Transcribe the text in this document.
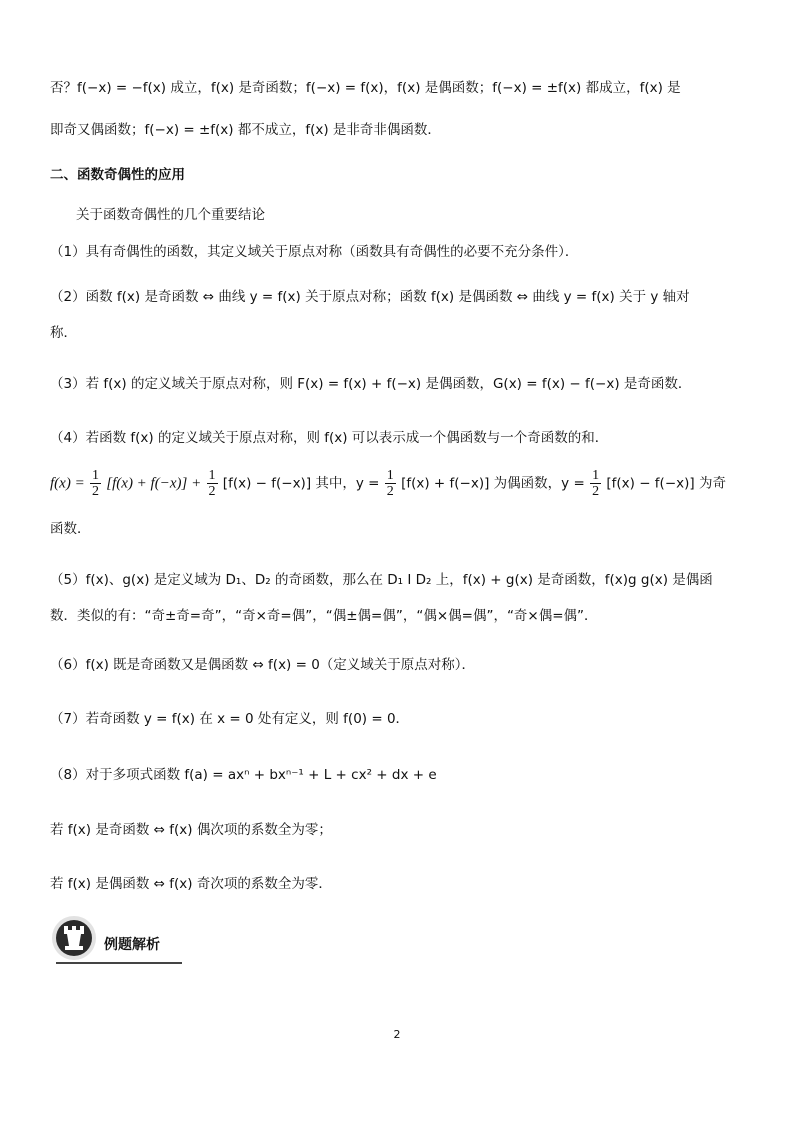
否？f(−x) = −f(x) 成立，f(x) 是奇函数；f(−x) = f(x)，f(x) 是偶函数；f(−x) = ±f(x) 都成立，f(x) 是
即奇又偶函数；f(−x) = ±f(x) 都不成立，f(x) 是非奇非偶函数．
二、函数奇偶性的应用
关于函数奇偶性的几个重要结论
（1）具有奇偶性的函数，其定义域关于原点对称（函数具有奇偶性的必要不充分条件）．
（2）函数 f(x) 是奇函数 ⇔ 曲线 y = f(x) 关于原点对称；函数 f(x) 是偶函数 ⇔ 曲线 y = f(x) 关于 y 轴对
称．
（3）若 f(x) 的定义域关于原点对称，则 F(x) = f(x) + f(−x) 是偶函数，G(x) = f(x) − f(−x) 是奇函数．
（4）若函数 f(x) 的定义域关于原点对称，则 f(x) 可以表示成一个偶函数与一个奇函数的和．
$f(x) = \frac{1}{2} [f(x) + f(-x)] + \frac{1}{2} [f(x) - f(-x)]$ 其中，$y = \frac{1}{2} [f(x) + f(-x)]$ 为偶函数，$y = \frac{1}{2} [f(x) - f(-x)]$ 为奇
函数．
（5）f(x)、g(x) 是定义域为 D₁、D₂ 的奇函数，那么在 D₁ I D₂ 上，f(x) + g(x) 是奇函数，f(x)g g(x) 是偶函
数．类似的有：“奇±奇=奇”，“奇×奇=偶”，“偶±偶=偶”，“偶×偶=偶”，“奇×偶=偶”．
（6）f(x) 既是奇函数又是偶函数 ⇔ f(x) = 0（定义域关于原点对称）．
（7）若奇函数 y = f(x) 在 x = 0 处有定义，则 f(0) = 0．
（8）对于多项式函数 f(a) = axⁿ + bxⁿ⁻¹ + L + cx² + dx + e
若 f(x) 是奇函数 ⇔ f(x) 偶次项的系数全为零；
若 f(x) 是偶函数 ⇔ f(x) 奇次项的系数全为零．
例题解析
2
